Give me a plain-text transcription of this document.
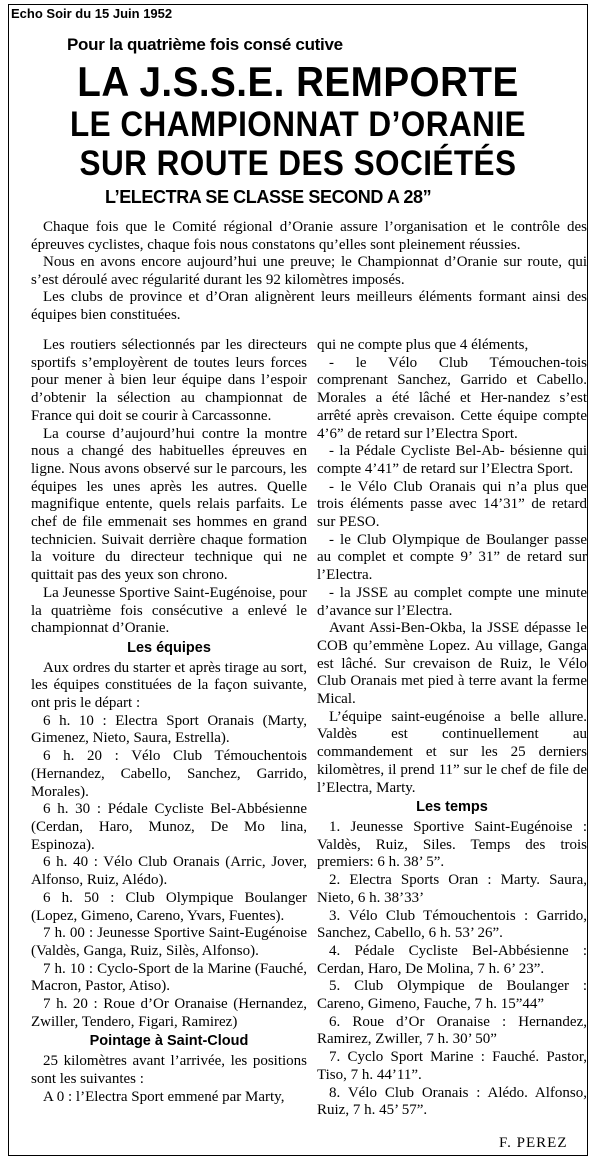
Echo Soir du 15 Juin 1952
Pour la quatrième fois consé cutive
LA J.S.S.E. REMPORTE
LE CHAMPIONNAT D’ORANIE
SUR ROUTE DES SOCIÉTÉS
L’ELECTRA SE CLASSE SECOND A 28”

Chaque fois que le Comité régional d’Oranie assure l’organisation et le contrôle des épreuves cyclistes, chaque fois nous constatons qu’elles sont pleinement réussies.

Nous en avons encore aujourd’hui une preuve; le Championnat d’Oranie sur route, qui s’est déroulé avec régularité durant les 92 kilomètres imposés.

Les clubs de province et d’Oran alignèrent leurs meilleurs éléments formant ainsi des équipes bien constituées.

Les routiers sélectionnés par les directeurs sportifs s’employèrent de toutes leurs forces pour mener à bien leur équipe dans l’espoir d’obtenir la sélection au championnat de France qui doit se courir à Carcassonne.

La course d’aujourd’hui contre la montre nous a changé des habituelles épreuves en ligne. Nous avons observé sur le parcours, les équipes les unes après les autres. Quelle magnifique entente, quels relais parfaits. Le chef de file emmenait ses hommes en grand technicien. Suivait derrière chaque formation la voiture du directeur technique qui ne quittait pas des yeux son chrono.

La Jeunesse Sportive Saint-Eugénoise, pour la quatrième fois consécutive a enlevé le championnat d’Oranie.

Les équipes

Aux ordres du starter et après tirage au sort, les équipes constituées de la façon suivante, ont pris le départ :

6 h. 10 : Electra Sport Oranais (Marty, Gimenez, Nieto, Saura, Estrella).

6 h. 20 : Vélo Club Témouchentois (Hernandez, Cabello, Sanchez, Garrido, Morales).

6 h. 30 : Pédale Cycliste Bel-Abbésienne (Cerdan, Haro, Munoz, De Mo lina, Espinoza).

6 h. 40 : Vélo Club Oranais (Arric, Jover, Alfonso, Ruiz, Alédo).

6 h. 50 : Club Olympique Boulanger (Lopez, Gimeno, Careno, Yvars, Fuentes).

7 h. 00 : Jeunesse Sportive Saint-Eugénoise (Valdès, Ganga, Ruiz, Silès, Alfonso).

7 h. 10 : Cyclo-Sport de la Marine (Fauché, Macron, Pastor, Atiso).

7 h. 20 : Roue d’Or Oranaise (Hernandez, Zwiller, Tendero, Figari, Ramirez)

Pointage à Saint-Cloud

25 kilomètres avant l’arrivée, les positions sont les suivantes :

A 0 : l’Electra Sport emmené par Marty,

qui ne compte plus que 4 éléments,

- le Vélo Club Témouchen-tois comprenant Sanchez, Garrido et Cabello. Morales a été lâché et Her-nandez s’est arrêté après crevaison. Cette équipe compte 4’6” de retard sur l’Electra Sport.

- la Pédale Cycliste Bel-Ab- bésienne qui compte 4’41” de retard sur l’Electra Sport.

- le Vélo Club Oranais qui n’a plus que trois éléments passe avec 14’31” de retard sur PESO.

- le Club Olympique de Boulanger passe au complet et compte 9’ 31” de retard sur l’Electra.

- la JSSE au complet compte une minute d’avance sur l’Electra.

Avant Assi-Ben-Okba, la JSSE dépasse le COB qu’emmène Lopez. Au village, Ganga est lâché. Sur crevaison de Ruiz, le Vélo Club Oranais met pied à terre avant la ferme Mical.

L’équipe saint-eugénoise a belle allure. Valdès est continuellement au commandement et sur les 25 derniers kilomètres, il prend 11” sur le chef de file de l’Electra, Marty.

Les temps

1. Jeunesse Sportive Saint-Eugénoise : Valdès, Ruiz, Siles. Temps des trois premiers: 6 h. 38’ 5”.

2. Electra Sports Oran : Marty. Saura, Nieto, 6 h. 38’33’

3. Vélo Club Témouchentois : Garrido, Sanchez, Cabello, 6 h. 53’ 26”.

4. Pédale Cycliste Bel-Abbésienne : Cerdan, Haro, De Molina, 7 h. 6’ 23”.

5. Club Olympique de Boulanger : Careno, Gimeno, Fauche, 7 h. 15”44”

6. Roue d’Or Oranaise : Hernandez, Ramirez, Zwiller, 7 h. 30’ 50”

7. Cyclo Sport Marine : Fauché. Pastor, Tiso, 7 h. 44’11”.

8. Vélo Club Oranais : Alédo. Alfonso, Ruiz, 7 h. 45’ 57”.

F. PEREZ
